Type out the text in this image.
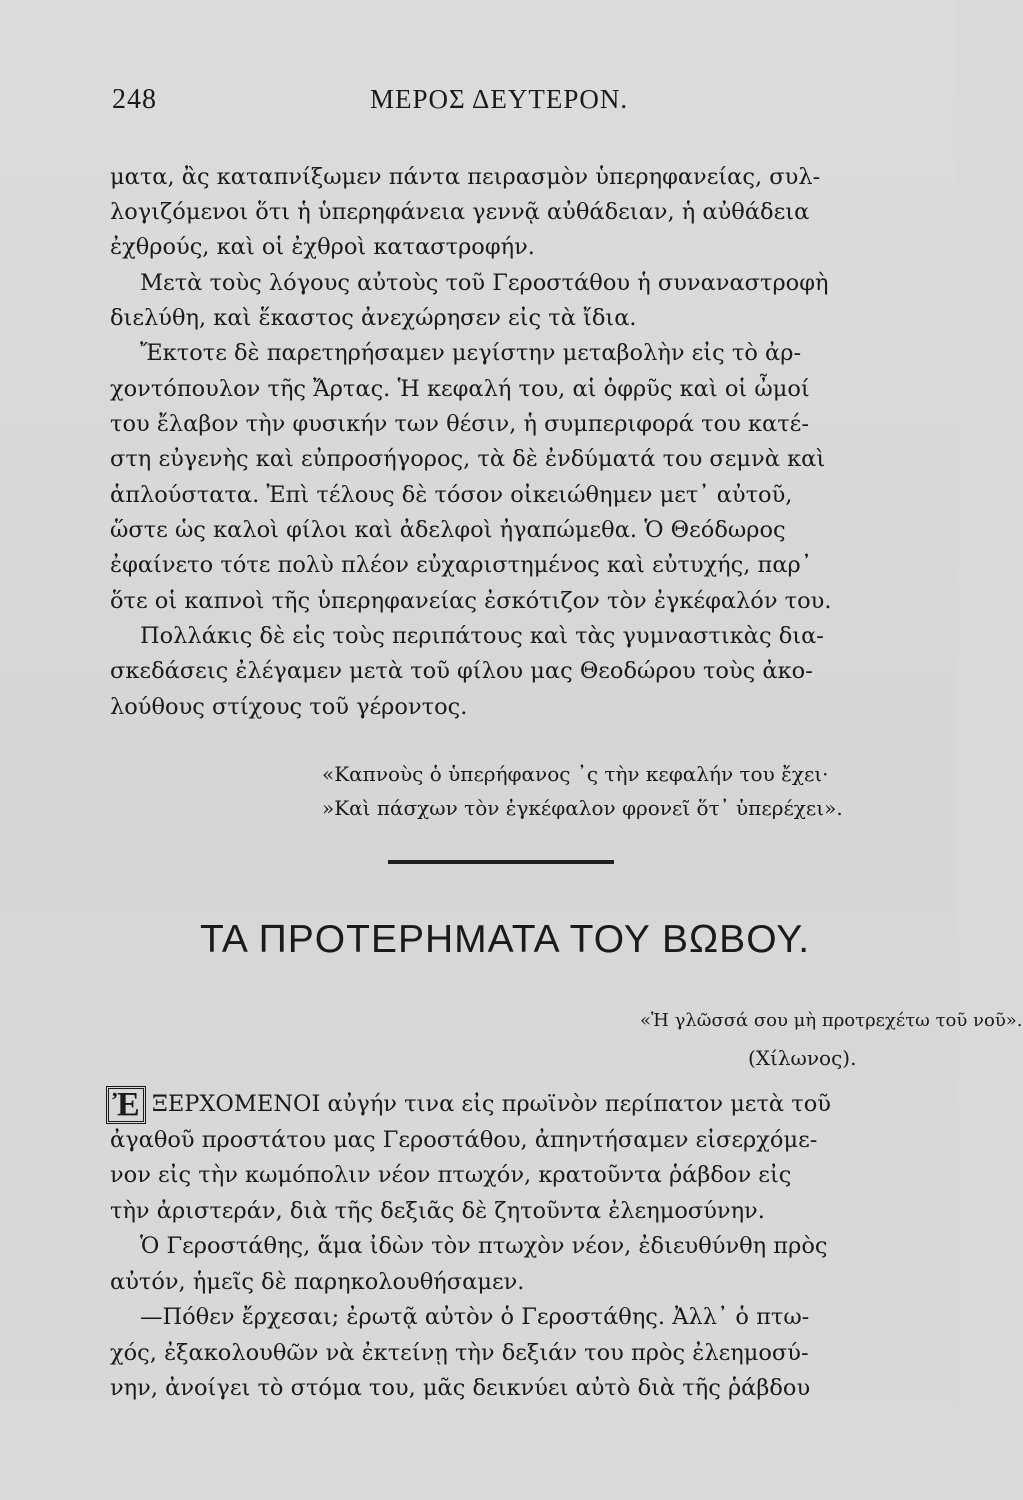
248	ΜΕΡΟΣ ΔΕΥΤΕΡΟΝ.
ματα, ἂς καταπνίξωμεν πάντα πειρασμὸν ὑπερηφανείας, συλ-
λογιζόμενοι ὅτι ἡ ὑπερηφάνεια γεννᾷ αὐθάδειαν, ἡ αὐθάδεια
ἐχθρούς, καὶ οἱ ἐχθροὶ καταστροφήν.
Μετὰ τοὺς λόγους αὐτοὺς τοῦ Γεροστάθου ἡ συναναστροφὴ
διελύθη, καὶ ἕκαστος ἀνεχώρησεν εἰς τὰ ἴδια.
Ἔκτοτε δὲ παρετηρήσαμεν μεγίστην μεταβολὴν εἰς τὸ ἀρ-
χοντόπουλον τῆς Ἄρτας. Ἡ κεφαλή του, αἱ ὀφρῦς καὶ οἱ ὦμοί
του ἔλαβον τὴν φυσικήν των θέσιν, ἡ συμπεριφορά του κατέ-
στη εὐγενὴς καὶ εὐπροσήγορος, τὰ δὲ ἐνδύματά του σεμνὰ καὶ
ἁπλούστατα. Ἐπὶ τέλους δὲ τόσον οἰκειώθημεν μετ᾽ αὐτοῦ,
ὥστε ὡς καλοὶ φίλοι καὶ ἀδελφοὶ ἠγαπώμεθα. Ὁ Θεόδωρος
ἐφαίνετο τότε πολὺ πλέον εὐχαριστημένος καὶ εὐτυχής, παρ᾽
ὅτε οἱ καπνοὶ τῆς ὑπερηφανείας ἐσκότιζον τὸν ἐγκέφαλόν του.
Πολλάκις δὲ εἰς τοὺς περιπάτους καὶ τὰς γυμναστικὰς δια-
σκεδάσεις ἐλέγαμεν μετὰ τοῦ φίλου μας Θεοδώρου τοὺς ἀκο-
λούθους στίχους τοῦ γέροντος.
«Καπνοὺς ὁ ὑπερήφανος ᾽ς τὴν κεφαλήν του ἔχει·
»Καὶ πάσχων τὸν ἐγκέφαλον φρονεῖ ὅτ᾽ ὑπερέχει».
ΤΑ ΠΡΟΤΕΡΗΜΑΤΑ ΤΟΥ ΒΩΒΟΥ.
«Ἡ γλῶσσά σου μὴ προτρεχέτω τοῦ νοῦ».
(Χίλωνος).
Ἐ ΞΕΡΧΟΜΕΝΟΙ αὐγήν τινα εἰς πρωϊνὸν περίπατον μετὰ τοῦ
ἀγαθοῦ προστάτου μας Γεροστάθου, ἀπηντήσαμεν εἰσερχόμε-
νον εἰς τὴν κωμόπολιν νέον πτωχόν, κρατοῦντα ῥάβδον εἰς
τὴν ἀριστεράν, διὰ τῆς δεξιᾶς δὲ ζητοῦντα ἐλεημοσύνην.
Ὁ Γεροστάθης, ἅμα ἰδὼν τὸν πτωχὸν νέον, ἐδιευθύνθη πρὸς
αὐτόν, ἡμεῖς δὲ παρηκολουθήσαμεν.
—Πόθεν ἔρχεσαι; ἐρωτᾷ αὐτὸν ὁ Γεροστάθης. Ἀλλ᾽ ὁ πτω-
χός, ἐξακολουθῶν νὰ ἐκτείνῃ τὴν δεξιάν του πρὸς ἐλεημοσύ-
νην, ἀνοίγει τὸ στόμα του, μᾶς δεικνύει αὐτὸ διὰ τῆς ῥάβδου
